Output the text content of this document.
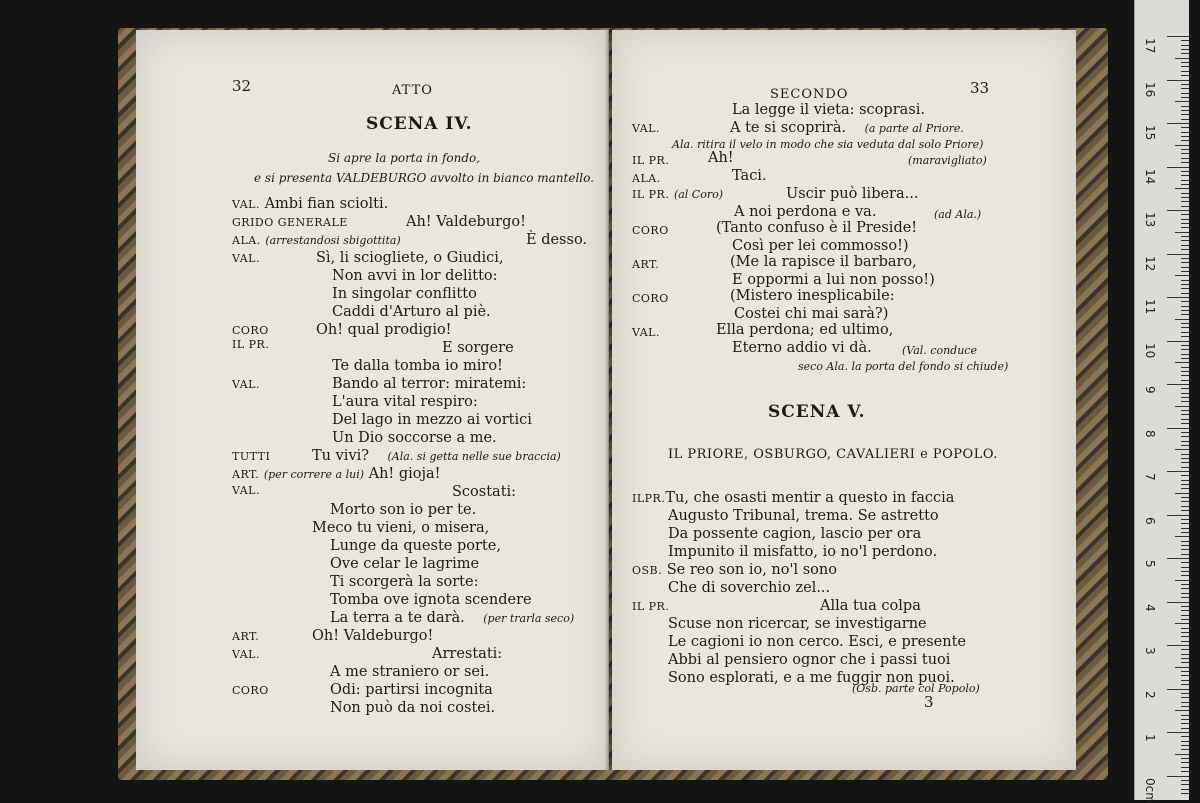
32	ATTO
SCENA IV.
Si apre la porta in fondo,
e si presenta VALDEBURGO avvolto in bianco mantello.
VAL. Ambi fian sciolti.
GRIDO GENERALE	Ah! Valdeburgo!
ALA. (arrestandosi sbigottita)	È desso.
VAL.	Sì, li sciogliete, o Giudici,
Non avvi in lor delitto:
In singolar conflitto
Caddi d'Arturo al piè.
CORO	Oh! qual prodigio!
IL PR.	E sorgere
Te dalla tomba io miro!
VAL.	Bando al terror: miratemi:
L'aura vital respiro:
Del lago in mezzo ai vortici
Un Dio soccorse a me.
TUTTI	Tu vivi? (Ala. si getta nelle sue braccia)
ART. (per correre a lui) Ah! gioja!
VAL.	Scostati:
Morto son io per te.
Meco tu vieni, o misera,
Lunge da queste porte,
Ove celar le lagrime
Ti scorgerà la sorte:
Tomba ove ignota scendere
La terra a te darà. (per trarla seco)
ART.	Oh! Valdeburgo!
VAL.	Arrestati:
A me straniero or sei.
CORO	Odi: partirsi incognita
Non può da noi costei.
SECONDO	33
La legge il vieta: scoprasi.
VAL.	A te si scoprirà. (a parte al Priore.
Ala. ritira il velo in modo che sia veduta dal solo Priore)
IL PR.	Ah!	(maravigliato)
ALA.	Taci.
IL PR. (al Coro)	Uscir può libera...
A noi perdona e va.	(ad Ala.)
CORO	(Tanto confuso è il Preside!
Così per lei commosso!)
ART.	(Me la rapisce il barbaro,
E oppormi a lui non posso!)
CORO	(Mistero inesplicabile:
Costei chi mai sarà?)
VAL.	Ella perdona; ed ultimo,
Eterno addio vi dà.	(Val. conduce
seco Ala. la porta del fondo si chiude)
SCENA V.
IL PRIORE, OSBURGO, CAVALIERI e POPOLO.
ILPR.Tu, che osasti mentir a questo in faccia
Augusto Tribunal, trema. Se astretto
Da possente cagion, lascio per ora
Impunito il misfatto, io no'l perdono.
OSB. Se reo son io, no'l sono
Che di soverchio zel...
IL PR.	Alla tua colpa
Scuse non ricercar, se investigarne
Le cagioni io non cerco. Esci, e presente
Abbi al pensiero ognor che i passi tuoi
Sono esplorati, e a me fuggir non puoi.
(Osb. parte col Popolo)
3
17
16
15
14
13
12
11
10
9
8
7
6
5
4
3
2
1
0cm
